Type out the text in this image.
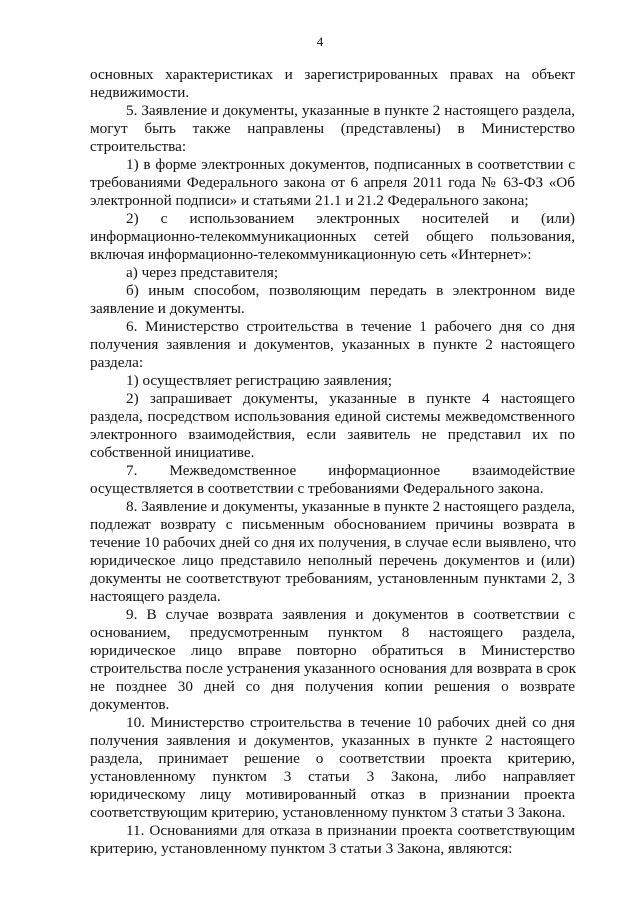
4
основных характеристиках и зарегистрированных правах на объект
недвижимости.
5. Заявление и документы, указанные в пункте 2 настоящего раздела,
могут быть также направлены (представлены) в Министерство
строительства:
1) в форме электронных документов, подписанных в соответствии с
требованиями Федерального закона от 6 апреля 2011 года № 63-ФЗ «Об
электронной подписи» и статьями 21.1 и 21.2 Федерального закона;
2) с использованием электронных носителей и (или)
информационно-телекоммуникационных сетей общего пользования,
включая информационно-телекоммуникационную сеть «Интернет»:
а) через представителя;
б) иным способом, позволяющим передать в электронном виде
заявление и документы.
6. Министерство строительства в течение 1 рабочего дня со дня
получения заявления и документов, указанных в пункте 2 настоящего
раздела:
1) осуществляет регистрацию заявления;
2) запрашивает документы, указанные в пункте 4 настоящего
раздела, посредством использования единой системы межведомственного
электронного взаимодействия, если заявитель не представил их по
собственной инициативе.
7. Межведомственное информационное взаимодействие
осуществляется в соответствии с требованиями Федерального закона.
8. Заявление и документы, указанные в пункте 2 настоящего раздела,
подлежат возврату с письменным обоснованием причины возврата в
течение 10 рабочих дней со дня их получения, в случае если выявлено, что
юридическое лицо представило неполный перечень документов и (или)
документы не соответствуют требованиям, установленным пунктами 2, 3
настоящего раздела.
9. В случае возврата заявления и документов в соответствии с
основанием, предусмотренным пунктом 8 настоящего раздела,
юридическое лицо вправе повторно обратиться в Министерство
строительства после устранения указанного основания для возврата в срок
не позднее 30 дней со дня получения копии решения о возврате
документов.
10. Министерство строительства в течение 10 рабочих дней со дня
получения заявления и документов, указанных в пункте 2 настоящего
раздела, принимает решение о соответствии проекта критерию,
установленному пунктом 3 статьи 3 Закона, либо направляет
юридическому лицу мотивированный отказ в признании проекта
соответствующим критерию, установленному пунктом 3 статьи 3 Закона.
11. Основаниями для отказа в признании проекта соответствующим
критерию, установленному пунктом 3 статьи 3 Закона, являются:
